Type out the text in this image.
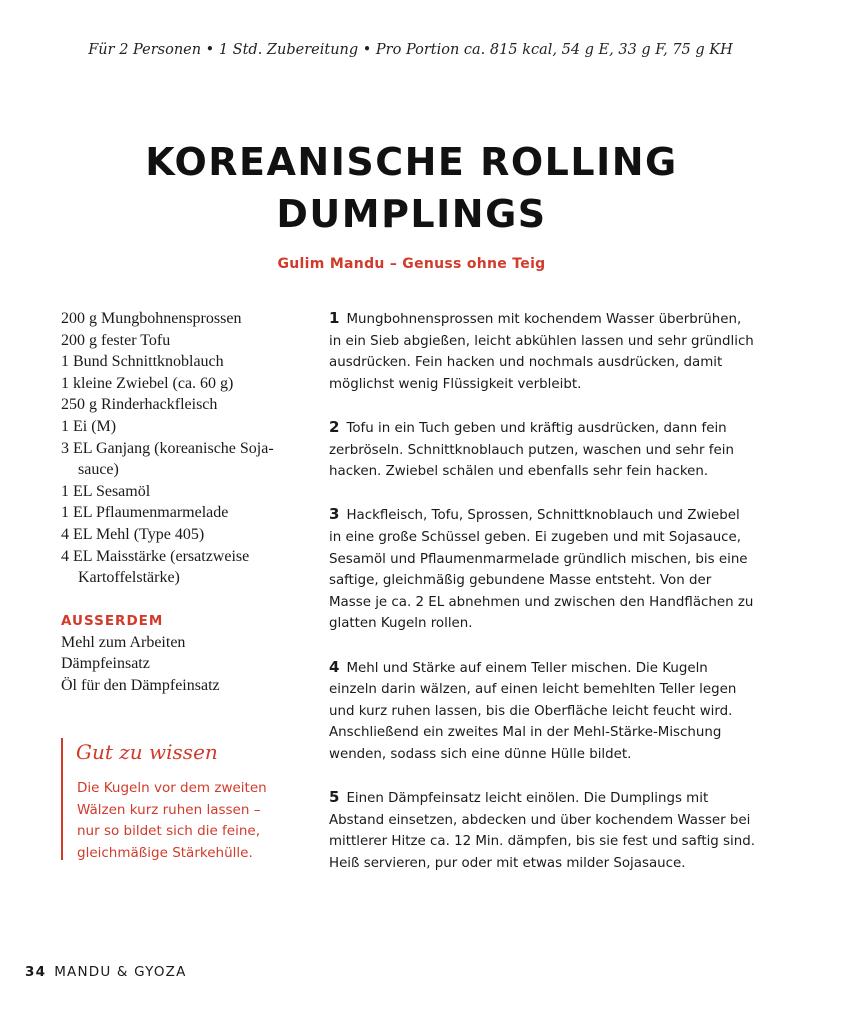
Für 2 Personen • 1 Std. Zubereitung • Pro Portion ca. 815 kcal, 54 g E, 33 g F, 75 g KH
KOREANISCHE ROLLING
DUMPLINGS
Gulim Mandu – Genuss ohne Teig
200 g Mungbohnensprossen
200 g fester Tofu
1 Bund Schnittknoblauch
1 kleine Zwiebel (ca. 60 g)
250 g Rinderhackfleisch
1 Ei (M)
3 EL Ganjang (koreanische Soja-
sauce)
1 EL Sesamöl
1 EL Pflaumenmarmelade
4 EL Mehl (Type 405)
4 EL Maisstärke (ersatzweise
Kartoffelstärke)
AUSSERDEM
Mehl zum Arbeiten
Dämpfeinsatz
Öl für den Dämpfeinsatz
Gut zu wissen
Die Kugeln vor dem zweiten
Wälzen kurz ruhen lassen –
nur so bildet sich die feine,
gleichmäßige Stärkehülle.
1 Mungbohnensprossen mit kochendem Wasser überbrühen,
in ein Sieb abgießen, leicht abkühlen lassen und sehr gründlich
ausdrücken. Fein hacken und nochmals ausdrücken, damit
möglichst wenig Flüssigkeit verbleibt.
2 Tofu in ein Tuch geben und kräftig ausdrücken, dann fein
zerbröseln. Schnittknoblauch putzen, waschen und sehr fein
hacken. Zwiebel schälen und ebenfalls sehr fein hacken.
3 Hackfleisch, Tofu, Sprossen, Schnittknoblauch und Zwiebel
in eine große Schüssel geben. Ei zugeben und mit Sojasauce,
Sesamöl und Pflaumenmarmelade gründlich mischen, bis eine
saftige, gleichmäßig gebundene Masse entsteht. Von der
Masse je ca. 2 EL abnehmen und zwischen den Handflächen zu
glatten Kugeln rollen.
4 Mehl und Stärke auf einem Teller mischen. Die Kugeln
einzeln darin wälzen, auf einen leicht bemehlten Teller legen
und kurz ruhen lassen, bis die Oberfläche leicht feucht wird.
Anschließend ein zweites Mal in der Mehl-Stärke-Mischung
wenden, sodass sich eine dünne Hülle bildet.
5 Einen Dämpfeinsatz leicht einölen. Die Dumplings mit
Abstand einsetzen, abdecken und über kochendem Wasser bei
mittlerer Hitze ca. 12 Min. dämpfen, bis sie fest und saftig sind.
Heiß servieren, pur oder mit etwas milder Sojasauce.
34 MANDU & GYOZA
